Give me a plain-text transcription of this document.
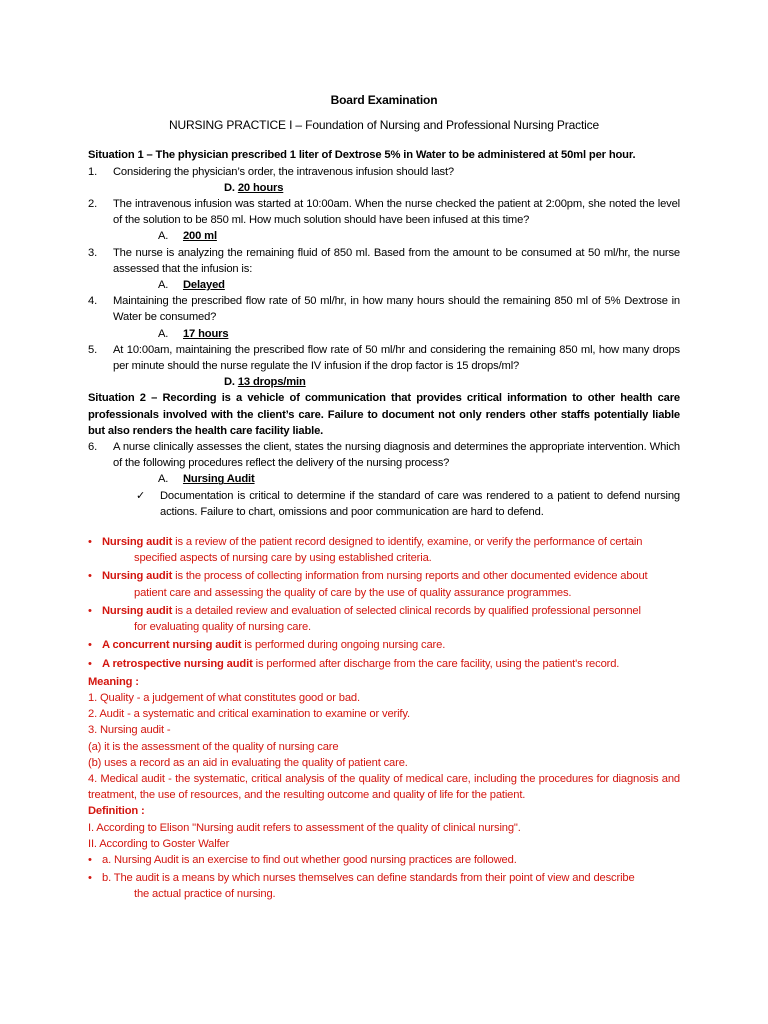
Board Examination
NURSING PRACTICE I – Foundation of Nursing and Professional Nursing Practice
Situation 1 – The physician prescribed 1 liter of Dextrose 5% in Water to be administered at 50ml per hour.
1.	Considering the physician’s order, the intravenous infusion should last?
D. 20 hours
2.	The intravenous infusion was started at 10:00am. When the nurse checked the patient at 2:00pm, she noted the level of the solution to be 850 ml. How much solution should have been infused at this time?
A. 200 ml
3.	The nurse is analyzing the remaining fluid of 850 ml. Based from the amount to be consumed at 50 ml/hr, the nurse assessed that the infusion is:
A. Delayed
4.	Maintaining the prescribed flow rate of 50 ml/hr, in how many hours should the remaining 850 ml of 5% Dextrose in Water be consumed?
A. 17 hours
5.	At 10:00am, maintaining the prescribed flow rate of 50 ml/hr and considering the remaining 850 ml, how many drops per minute should the nurse regulate the IV infusion if the drop factor is 15 drops/ml?
D. 13 drops/min
Situation 2 – Recording is a vehicle of communication that provides critical information to other health care professionals involved with the client’s care. Failure to document not only renders other staffs potentially liable but also renders the health care facility liable.
6.	A nurse clinically assesses the client, states the nursing diagnosis and determines the appropriate intervention. Which of the following procedures reflect the delivery of the nursing process?
A. Nursing Audit
✓	Documentation is critical to determine if the standard of care was rendered to a patient to defend nursing actions. Failure to chart, omissions and poor communication are hard to defend.
• Nursing audit is a review of the patient record designed to identify, examine, or verify the performance of certain
specified aspects of nursing care by using established criteria.
• Nursing audit is the process of collecting information from nursing reports and other documented evidence about
patient care and assessing the quality of care by the use of quality assurance programmes.
• Nursing audit is a detailed review and evaluation of selected clinical records by qualified professional personnel
for evaluating quality of nursing care.
• A concurrent nursing audit is performed during ongoing nursing care.
• A retrospective nursing audit is performed after discharge from the care facility, using the patient's record.
Meaning :
1. Quality - a judgement of what constitutes good or bad.
2. Audit - a systematic and critical examination to examine or verify.
3. Nursing audit -
(a) it is the assessment of the quality of nursing care
(b) uses a record as an aid in evaluating the quality of patient care.
4. Medical audit - the systematic, critical analysis of the quality of medical care, including the procedures for diagnosis and treatment, the use of resources, and the resulting outcome and quality of life for the patient.
Definition :
I. According to Elison "Nursing audit refers to assessment of the quality of clinical nursing".
II. According to Goster Walfer
• a. Nursing Audit is an exercise to find out whether good nursing practices are followed.
• b. The audit is a means by which nurses themselves can define standards from their point of view and describe
the actual practice of nursing.
